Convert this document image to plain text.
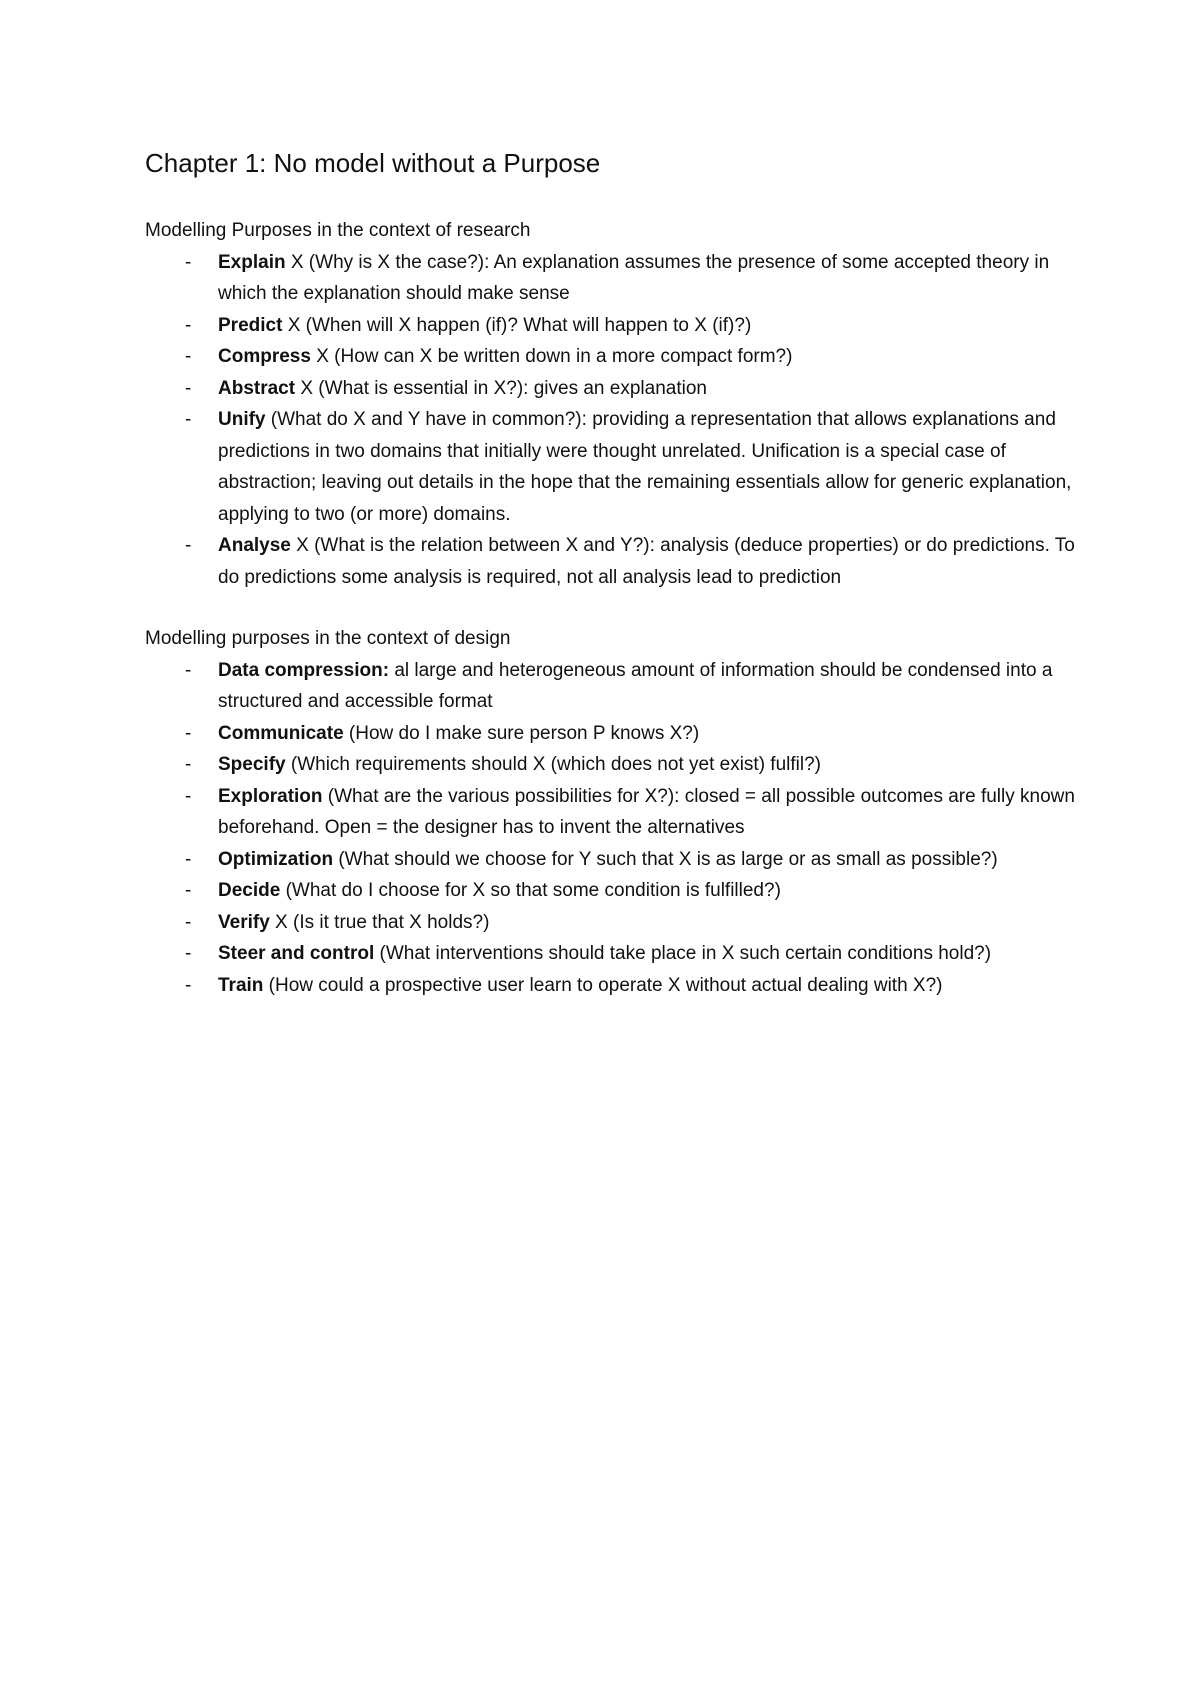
Chapter 1: No model without a Purpose

Modelling Purposes in the context of research

- Explain X (Why is X the case?): An explanation assumes the presence of some accepted theory in which the explanation should make sense
- Predict X (When will X happen (if)? What will happen to X (if)?)
- Compress X (How can X be written down in a more compact form?)
- Abstract X (What is essential in X?): gives an explanation
- Unify (What do X and Y have in common?): providing a representation that allows explanations and predictions in two domains that initially were thought unrelated. Unification is a special case of abstraction; leaving out details in the hope that the remaining essentials allow for generic explanation, applying to two (or more) domains.
- Analyse X (What is the relation between X and Y?): analysis (deduce properties) or do predictions. To do predictions some analysis is required, not all analysis lead to prediction

Modelling purposes in the context of design

- Data compression: al large and heterogeneous amount of information should be condensed into a structured and accessible format
- Communicate (How do I make sure person P knows X?)
- Specify (Which requirements should X (which does not yet exist) fulfil?)
- Exploration (What are the various possibilities for X?): closed = all possible outcomes are fully known beforehand. Open = the designer has to invent the alternatives
- Optimization (What should we choose for Y such that X is as large or as small as possible?)
- Decide (What do I choose for X so that some condition is fulfilled?)
- Verify X (Is it true that X holds?)
- Steer and control (What interventions should take place in X such certain conditions hold?)
- Train (How could a prospective user learn to operate X without actual dealing with X?)
